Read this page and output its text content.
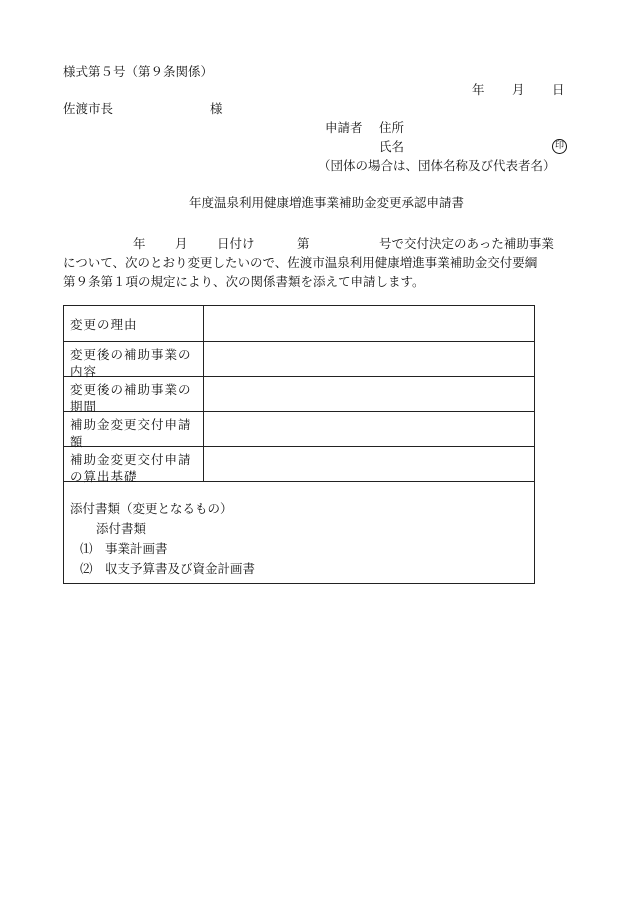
様式第５号（第９条関係）
年 月 日
佐渡市長	様
申請者 住所
氏名	印
（団体の場合は、団体名称及び代表者名）
年度温泉利用健康増進事業補助金変更承認申請書
年 月 日付け	第	号で交付決定のあった補助事業
について、次のとおり変更したいので、佐渡市温泉利用健康増進事業補助金交付要綱
第９条第１項の規定により、次の関係書類を添えて申請します。
変更の理由
変更後の補助事業の内容
変更後の補助事業の期間
補助金変更交付申請額
補助金変更交付申請の算出基礎
添付書類（変更となるもの）
添付書類
⑴　事業計画書
⑵　収支予算書及び資金計画書
